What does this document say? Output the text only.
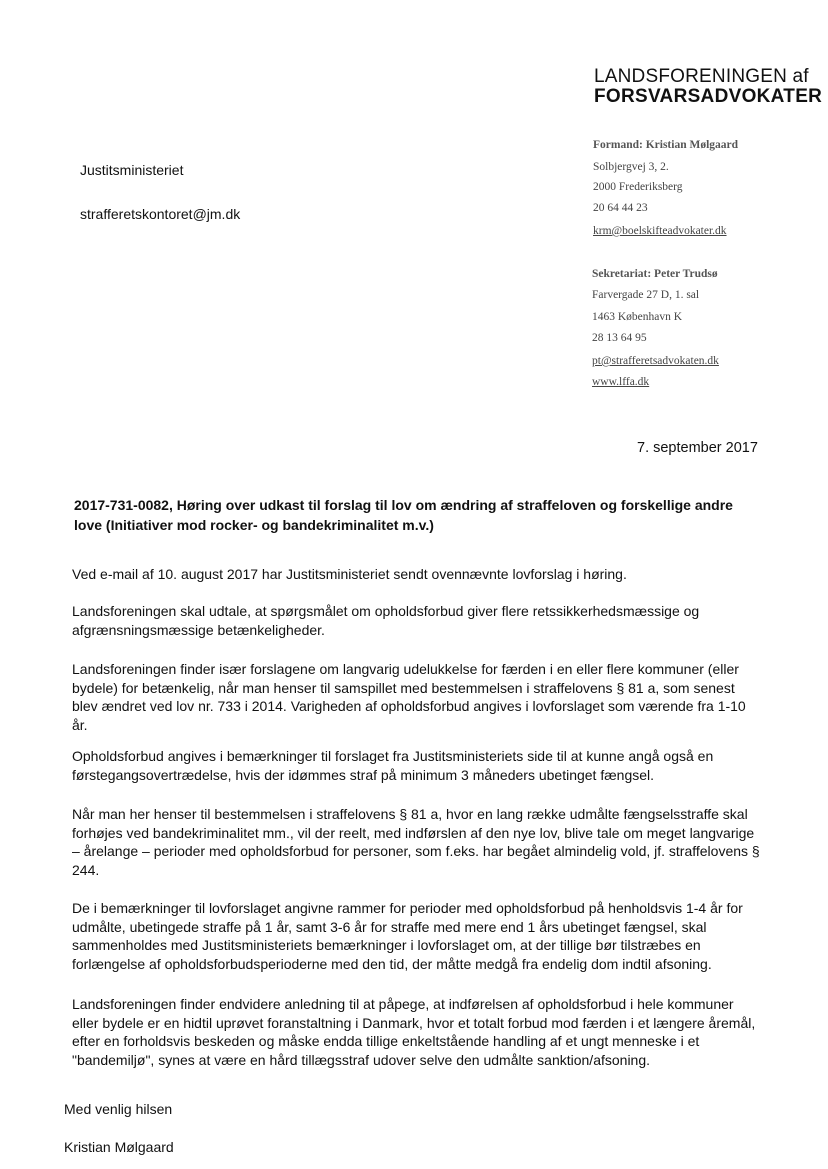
LANDSFORENINGEN af
FORSVARSADVOKATER
Formand: Kristian Mølgaard
Solbjergvej 3, 2.
2000 Frederiksberg
20 64 44 23
krm@boelskifteadvokater.dk
Sekretariat: Peter Trudsø
Farvergade 27 D, 1. sal
1463 København K
28 13 64 95
pt@strafferetsadvokaten.dk
www.lffa.dk
Justitsministeriet
strafferetskontoret@jm.dk
7. september 2017
2017-731-0082, Høring over udkast til forslag til lov om ændring af straffeloven og forskellige andre love (Initiativer mod rocker- og bandekriminalitet m.v.)
Ved e-mail af 10. august 2017 har Justitsministeriet sendt ovennævnte lovforslag i høring.
Landsforeningen skal udtale, at spørgsmålet om opholdsforbud giver flere retssikkerhedsmæssige og afgrænsningsmæssige betænkeligheder.
Landsforeningen finder især forslagene om langvarig udelukkelse for færden i en eller flere kommuner (eller bydele) for betænkelig, når man henser til samspillet med bestemmelsen i straffelovens § 81 a, som senest blev ændret ved lov nr. 733 i 2014. Varigheden af opholdsforbud angives i lovforslaget som værende fra 1-10 år.
Opholdsforbud angives i bemærkninger til forslaget fra Justitsministeriets side til at kunne angå også en førstegangsovertrædelse, hvis der idømmes straf på minimum 3 måneders ubetinget fængsel.
Når man her henser til bestemmelsen i straffelovens § 81 a, hvor en lang række udmålte fængselsstraffe skal forhøjes ved bandekriminalitet mm., vil der reelt, med indførslen af den nye lov, blive tale om meget langvarige – årelange – perioder med opholdsforbud for personer, som f.eks. har begået almindelig vold, jf. straffelovens § 244.
De i bemærkninger til lovforslaget angivne rammer for perioder med opholdsforbud på henholdsvis 1-4 år for udmålte, ubetingede straffe på 1 år, samt 3-6 år for straffe med mere end 1 års ubetinget fængsel, skal sammenholdes med Justitsministeriets bemærkninger i lovforslaget om, at der tillige bør tilstræbes en forlængelse af opholdsforbudsperioderne med den tid, der måtte medgå fra endelig dom indtil afsoning.
Landsforeningen finder endvidere anledning til at påpege, at indførelsen af opholdsforbud i hele kommuner eller bydele er en hidtil uprøvet foranstaltning i Danmark, hvor et totalt forbud mod færden i et længere åremål, efter en forholdsvis beskeden og måske endda tillige enkeltstående handling af et ungt menneske i et "bandemiljø", synes at være en hård tillægsstraf udover selve den udmålte sanktion/afsoning.
Med venlig hilsen
Kristian Mølgaard
